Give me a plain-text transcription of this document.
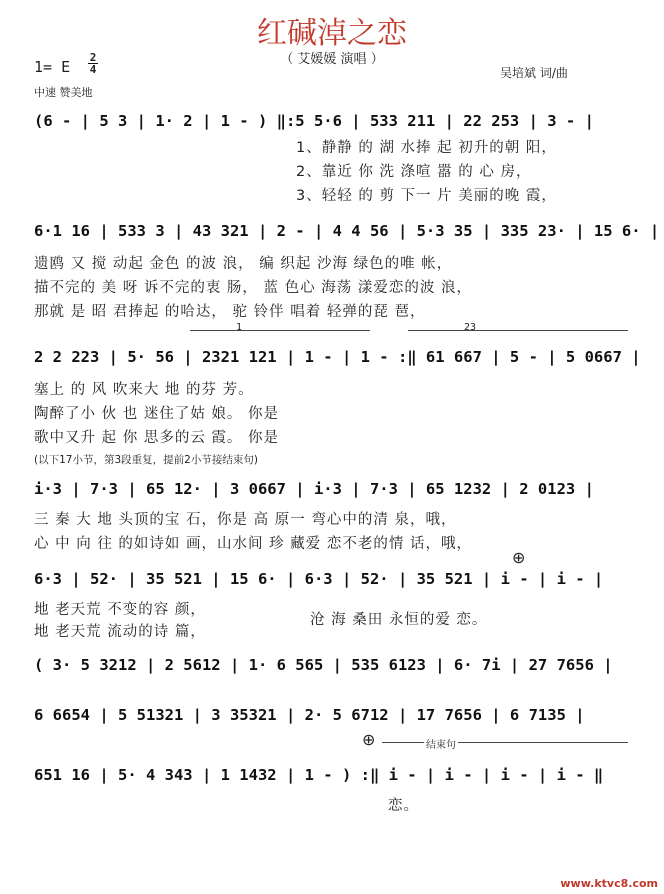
红碱淖之恋
（ 艾媛媛 演唱 ）
1= E
2
4
中速 赞美地
吴培斌 词/曲
(6 - | 5 3 | 1· 2 | 1 - ) ‖:5 5·6 | 533 211 | 22 253 | 3 - |
1、静静 的 湖 水捧 起 初升的朝 阳，
2、靠近 你 洗 涤喧 嚣 的 心 房，
3、轻轻 的 剪 下一 片 美丽的晚 霞，
6·1 16 | 533 3 | 43 321 | 2 - | 4 4 56 | 5·3 35 | 335 23· | 15 6· |
遗鸥 又 搅 动起 金色 的波 浪， 编 织起 沙海 绿色的唯 帐，
描不完的 美 呀 诉不完的衷 肠， 蓝 色心 海荡 漾爱恋的波 浪，
那就 是 昭 君捧起 的哈达， 驼 铃伴 唱着 轻弹的琵 琶，
1	23
2 2 223 | 5· 56 | 2321 121 | 1 - | 1 - :‖ 61 667 | 5 - | 5 0667 |
塞上 的 风 吹来大 地 的芬 芳。
陶醉了小 伙 也 迷住了姑 娘。 你是
歌中又升 起 你 思多的云 霞。 你是
(以下17小节，第3段重复，提前2小节接结束句)
i·3 | 7·3 | 65 12· | 3 0667 | i·3 | 7·3 | 65 1232 | 2 0123 |
三 秦 大 地 头顶的宝 石，你是 高 原一 弯心中的清 泉，哦，
心 中 向 往 的如诗如 画，山水间 珍 藏爱 恋不老的情 话，哦，
⊕
6·3 | 52· | 35 521 | 15 6· | 6·3 | 52· | 35 521 | i - | i - |
地 老天荒 不变的容 颜，
地 老天荒 流动的诗 篇，
沧 海 桑田 永恒的爱 恋。
( 3· 5 3212 | 2 5612 | 1· 6 565 | 535 6123 | 6· 7i | 27 7656 |
6 6654 | 5 51321 | 3 35321 | 2· 5 6712 | 17 7656 | 6 7135 |
⊕	结束句
651 16 | 5· 4 343 | 1 1432 | 1 - ) :‖ i - | i - | i - | i - ‖
恋。
www.ktvc8.com
